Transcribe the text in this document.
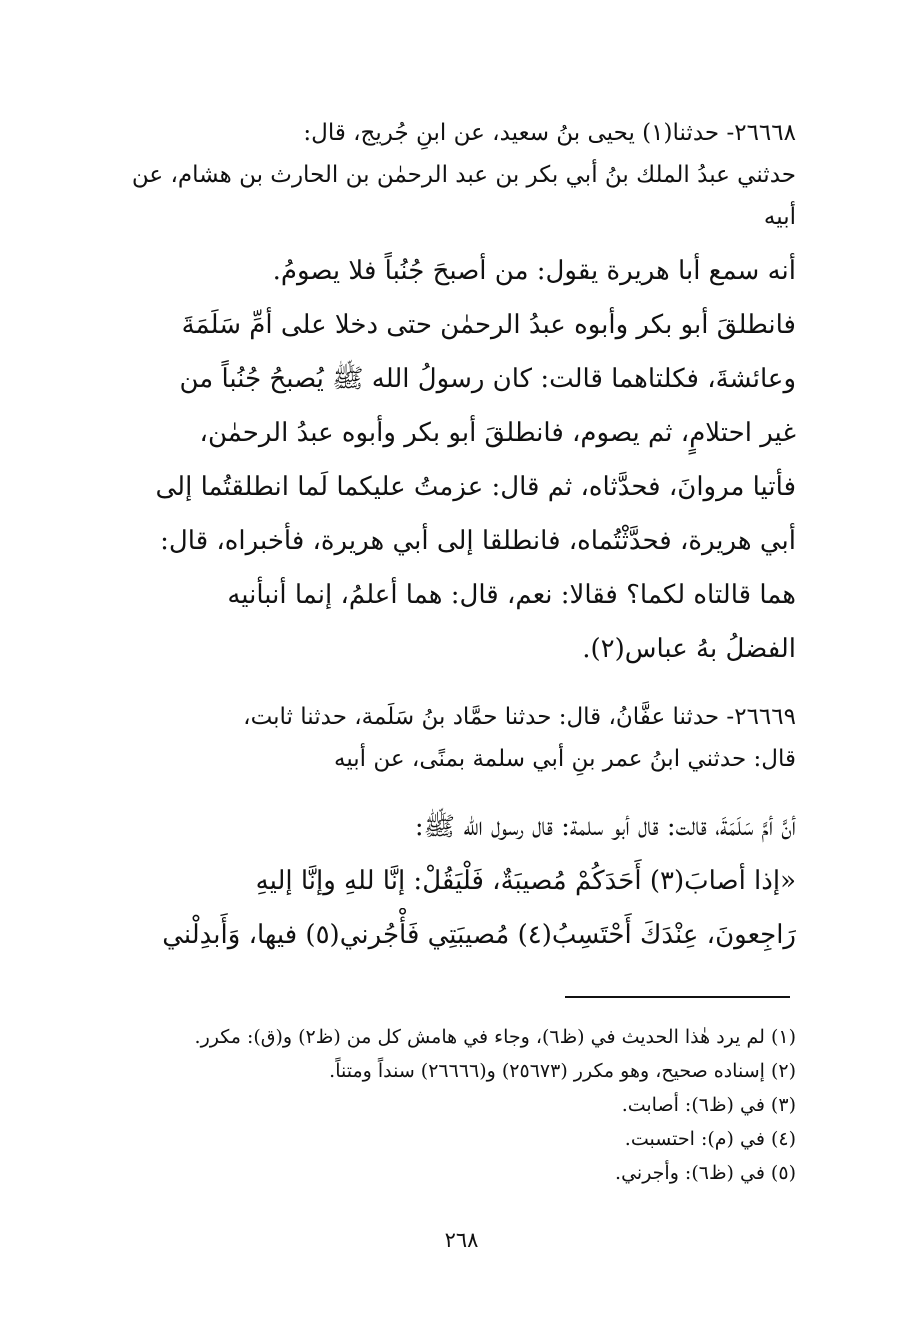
٢٦٦٦٨- حدثنا(١) يحيى بنُ سعيد، عن ابنِ جُريج، قال:
حدثني عبدُ الملك بنُ أبي بكر بن عبد الرحمٰن بن الحارث بن هشام، عن
أبيه
أنه سمع أبا هريرة يقول: من أصبحَ جُنُباً فلا يصومُ.
فانطلقَ أبو بكر وأبوه عبدُ الرحمٰن حتى دخلا على أمِّ سَلَمَةَ
وعائشةَ، فكلتاهما قالت: كان رسولُ الله ﷺ يُصبحُ جُنُباً من
غير احتلامٍ، ثم يصوم، فانطلقَ أبو بكر وأبوه عبدُ الرحمٰن،
فأتيا مروانَ، فحدَّثاه، ثم قال: عزمتُ عليكما لَما انطلقتُما إلى
أبي هريرة، فحدَّثْتُماه، فانطلقا إلى أبي هريرة، فأخبراه، قال:
هما قالتاه لكما؟ فقالا: نعم، قال: هما أعلمُ، إنما أنبأنيه
الفضلُ بهُ عباس(٢).
٢٦٦٦٩- حدثنا عفَّانُ، قال: حدثنا حمَّاد بنُ سَلَمة، حدثنا ثابت،
قال: حدثني ابنُ عمر بنِ أبي سلمة بمنًى، عن أبيه
أنَّ أمَّ سَلَمَةَ، قالت: قال أبو سلمة: قال رسول الله ﷺ:
«إذا أصابَ(٣) أَحَدَكُمْ مُصيبَةٌ، فَلْيَقُلْ: إنَّا للهِ وإنَّا إليهِ
رَاجِعونَ، عِنْدَكَ أَحْتَسِبُ(٤) مُصيبَتِي فَأْجُرني(٥) فيها، وَأَبدِلْني
(١) لم يرد هٰذا الحديث في (ظ٦)، وجاء في هامش كل من (ظ٢) و(ق): مكرر.
(٢) إسناده صحيح، وهو مكرر (٢٥٦٧٣) و(٢٦٦٦٦) سنداً ومتناً.
(٣) في (ظ٦): أصابت.
(٤) في (م): احتسبت.
(٥) في (ظ٦): وأجرني.
٢٦٨
